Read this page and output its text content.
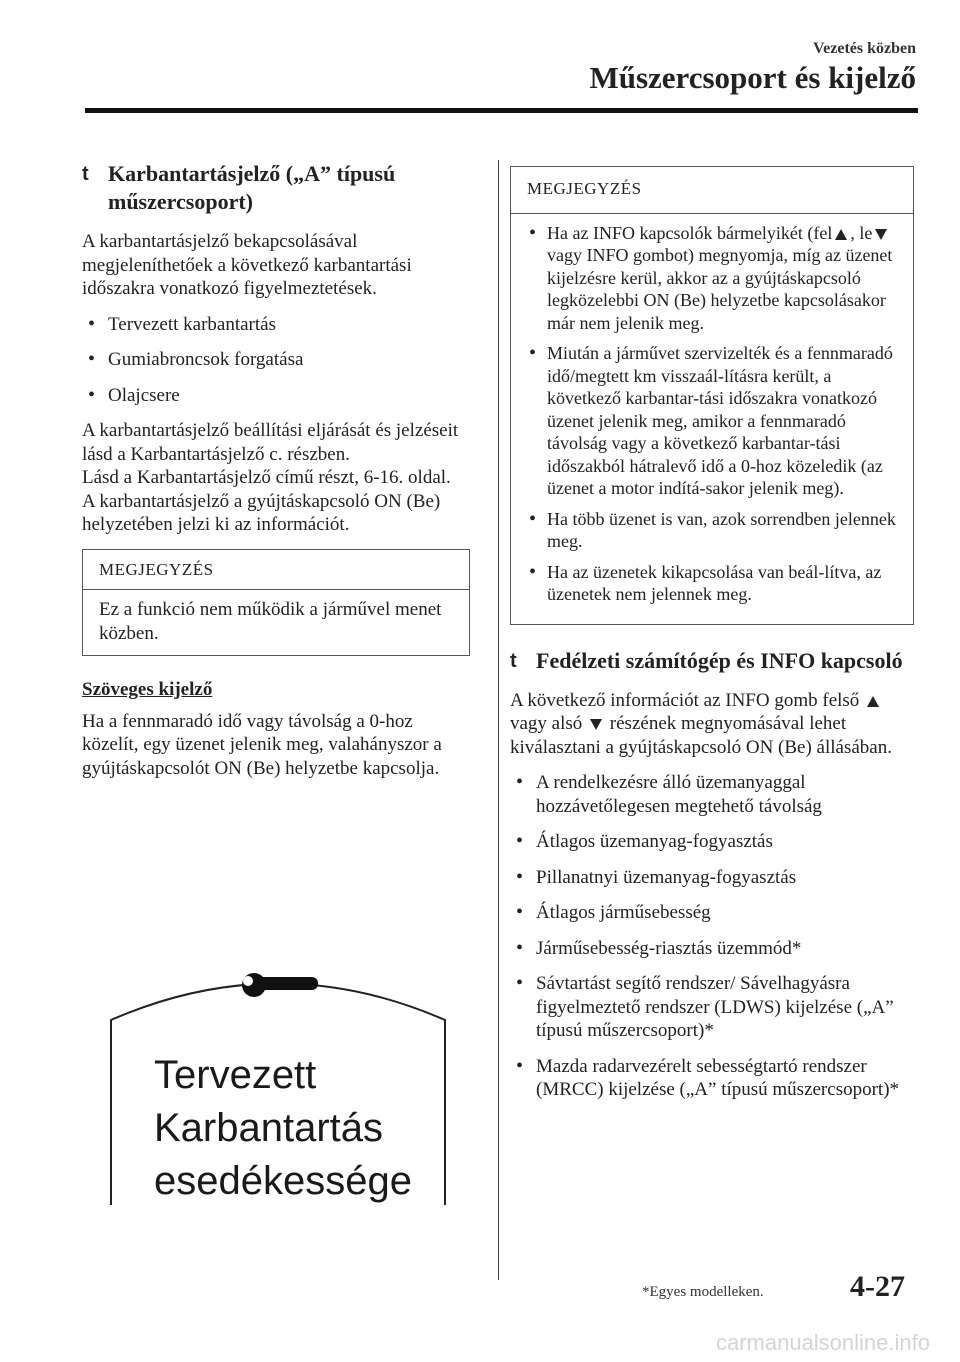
Vezetés közben
Műszercsoport és kijelző
t Karbantartásjelző („A” típusú műszercsoport)

A karbantartásjelző bekapcsolásával megjeleníthetőek a következő karbantartási időszakra vonatkozó figyelmeztetések.

• Tervezett karbantartás
• Gumiabroncsok forgatása
• Olajcsere

A karbantartásjelző beállítási eljárását és jelzéseit lásd a Karbantartásjelző c. részben.

Lásd a Karbantartásjelző című részt, 6-16. oldal.

A karbantartásjelző a gyújtáskapcsoló ON (Be) helyzetében jelzi ki az információt.

MEGJEGYZÉS
Ez a funkció nem működik a járművel menet közben.

Szöveges kijelző

Ha a fennmaradó idő vagy távolság a 0-hoz közelít, egy üzenet jelenik meg, valahányszor a gyújtáskapcsolót ON (Be) helyzetbe kapcsolja.

Tervezett
Karbantartás
esedékessége
MEGJEGYZÉS
• Ha az INFO kapcsolók bármelyikét (fel , levagy INFO gombot) megnyomja, míg az üzenet kijelzésre kerül, akkor az a gyújtáskapcsoló legközelebbi ON (Be) helyzetbe kapcsolásakor már nem jelenik meg.
• Miután a járművet szervizelték és a fennmaradó idő/megtett km visszaál-lításra került, a következő karbantar-tási időszakra vonatkozó üzenet jelenik meg, amikor a fennmaradó távolság vagy a következő karbantar-tási időszakból hátralevő idő a 0-hoz közeledik (az üzenet a motor indítá-sakor jelenik meg).
• Ha több üzenet is van, azok sorrendben jelennek meg.
• Ha az üzenetek kikapcsolása van beál-lítva, az üzenetek nem jelennek meg.
t Fedélzeti számítógép és INFO kapcsoló

A következő információt az INFO gomb felső  vagy alsó részének megnyomásával lehet kiválasztani a gyújtáskapcsoló ON (Be) állásában.

• A rendelkezésre álló üzemanyaggal hozzávetőlegesen megtehető távolság
• Átlagos üzemanyag-fogyasztás
• Pillanatnyi üzemanyag-fogyasztás
• Átlagos járműsebesség
• Járműsebesség-riasztás üzemmód*
• Sávtartást segítő rendszer/ Sávelhagyásra figyelmeztető rendszer (LDWS) kijelzése („A” típusú műszercsoport)*
• Mazda radarvezérelt sebességtartó rendszer (MRCC) kijelzése („A” típusú műszercsoport)*
*Egyes modelleken.	4-27
carmanualsonline.info
